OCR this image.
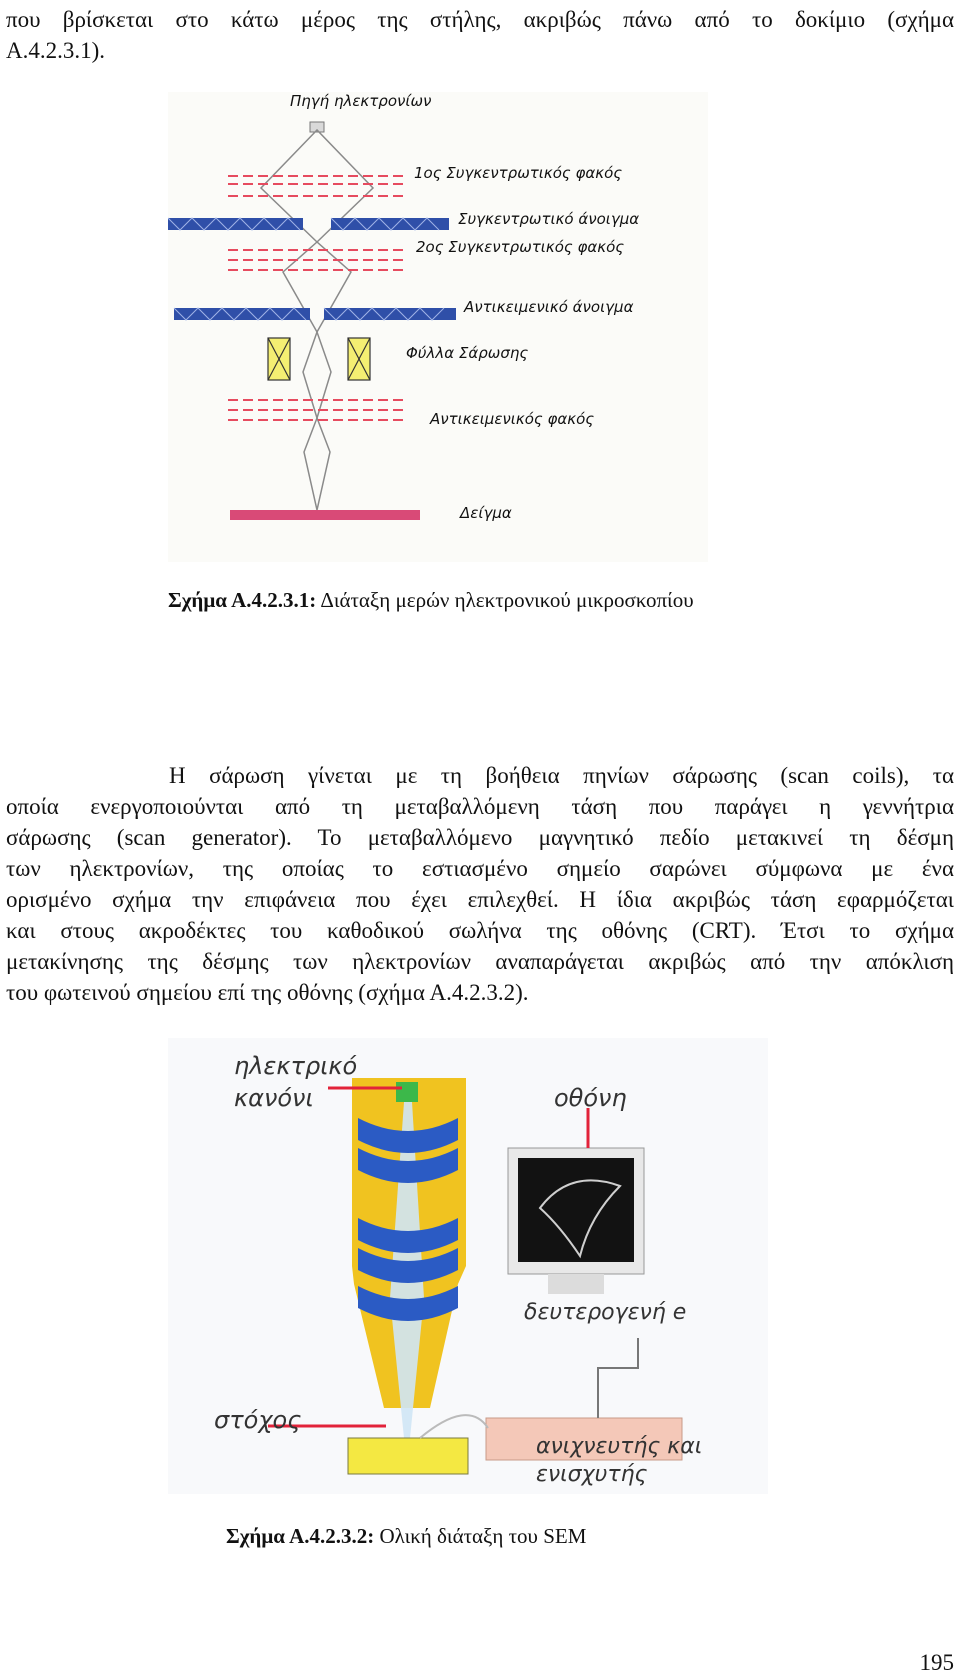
που βρίσκεται στο κάτω μέρος της στήλης, ακριβώς πάνω από το δοκίμιο (σχήμα
Α.4.2.3.1).
Πηγή ηλεκτρονίων
1ος Συγκεντρωτικός φακός
Συγκεντρωτικό άνοιγμα
2ος Συγκεντρωτικός φακός
Αντικειμενικό άνοιγμα
Φύλλα Σάρωσης
Αντικειμενικός φακός
Δείγμα
Σχήμα Α.4.2.3.1: Διάταξη μερών ηλεκτρονικού μικροσκοπίου
Η σάρωση γίνεται με τη βοήθεια πηνίων σάρωσης (scan coils), τα
οποία ενεργοποιούνται από τη μεταβαλλόμενη τάση που παράγει η γεννήτρια
σάρωσης (scan generator). Το μεταβαλλόμενο μαγνητικό πεδίο μετακινεί τη δέσμη
των ηλεκτρονίων, της οποίας το εστιασμένο σημείο σαρώνει σύμφωνα με ένα
ορισμένο σχήμα την επιφάνεια που έχει επιλεχθεί. Η ίδια ακριβώς τάση εφαρμόζεται
και στους ακροδέκτες του καθοδικού σωλήνα της οθόνης (CRT). Έτσι το σχήμα
μετακίνησης της δέσμης των ηλεκτρονίων αναπαράγεται ακριβώς από την απόκλιση
του φωτεινού σημείου επί της οθόνης (σχήμα Α.4.2.3.2).
ηλεκτρικό
κανόνι	οθόνη
δευτερογενή e
στόχος
ανιχνευτής και
ενισχυτής
Σχήμα Α.4.2.3.2: Ολική διάταξη του SEM
195
